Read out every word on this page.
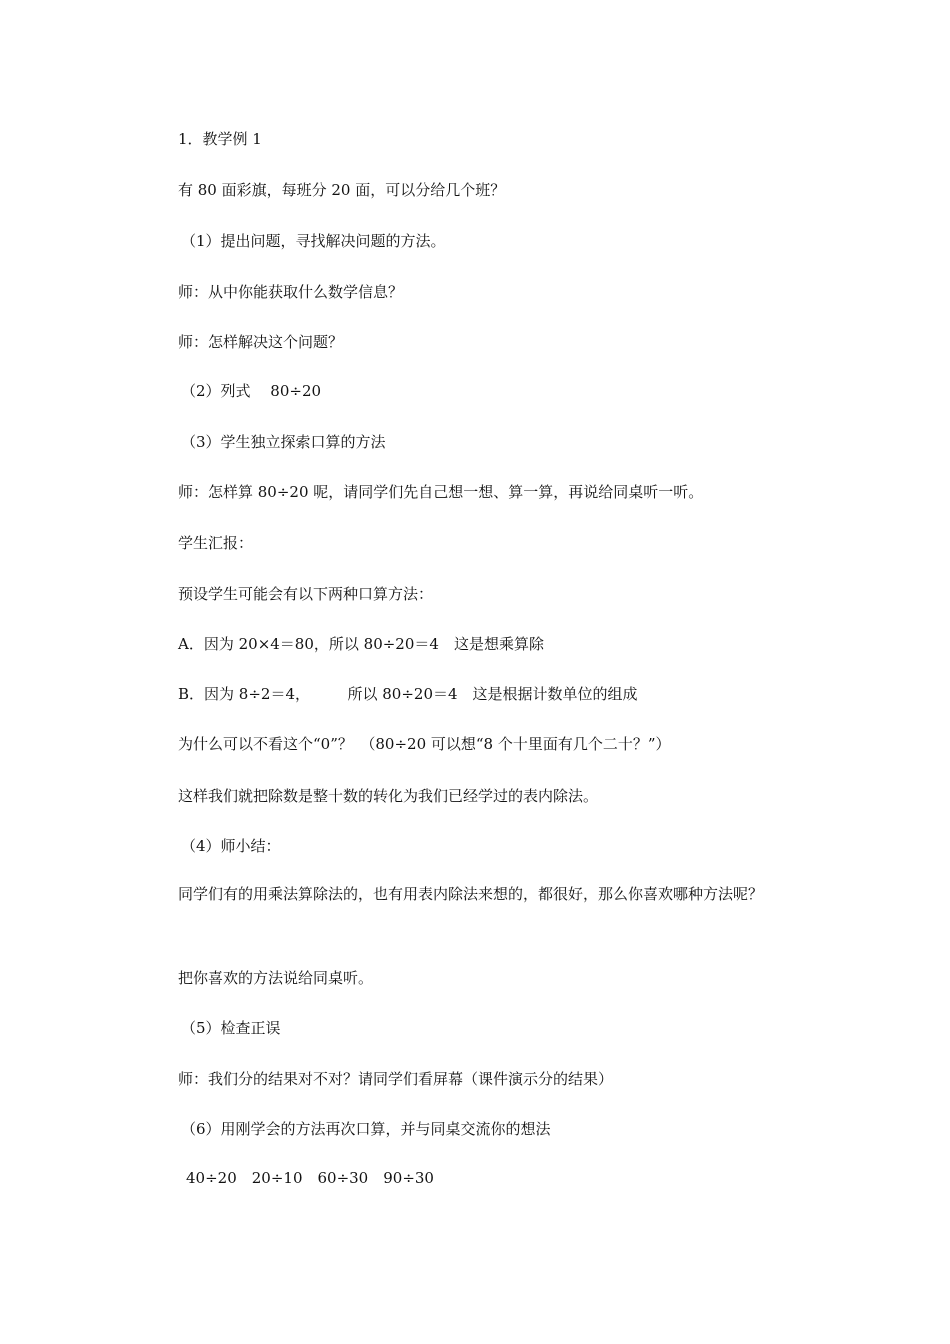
1．教学例 1
有 80 面彩旗，每班分 20 面，可以分给几个班？
（1）提出问题，寻找解决问题的方法。
师：从中你能获取什么数学信息？
师：怎样解决这个问题？
（2）列式　 80÷20
（3）学生独立探索口算的方法
师：怎样算 80÷20 呢，请同学们先自己想一想、算一算，再说给同桌听一听。
学生汇报：
预设学生可能会有以下两种口算方法：
A．因为 20×4＝80，所以 80÷20＝4　这是想乘算除
B．因为 8÷2＝4，　　　所以 80÷20＝4　这是根据计数单位的组成
为什么可以不看这个“0”？　（80÷20 可以想“8 个十里面有几个二十？”）
这样我们就把除数是整十数的转化为我们已经学过的表内除法。
（4）师小结：
同学们有的用乘法算除法的，也有用表内除法来想的，都很好，那么你喜欢哪种方法呢？
把你喜欢的方法说给同桌听。
（5）检查正误
师：我们分的结果对不对？请同学们看屏幕（课件演示分的结果）
（6）用刚学会的方法再次口算，并与同桌交流你的想法
40÷20　20÷10　60÷30　90÷30
